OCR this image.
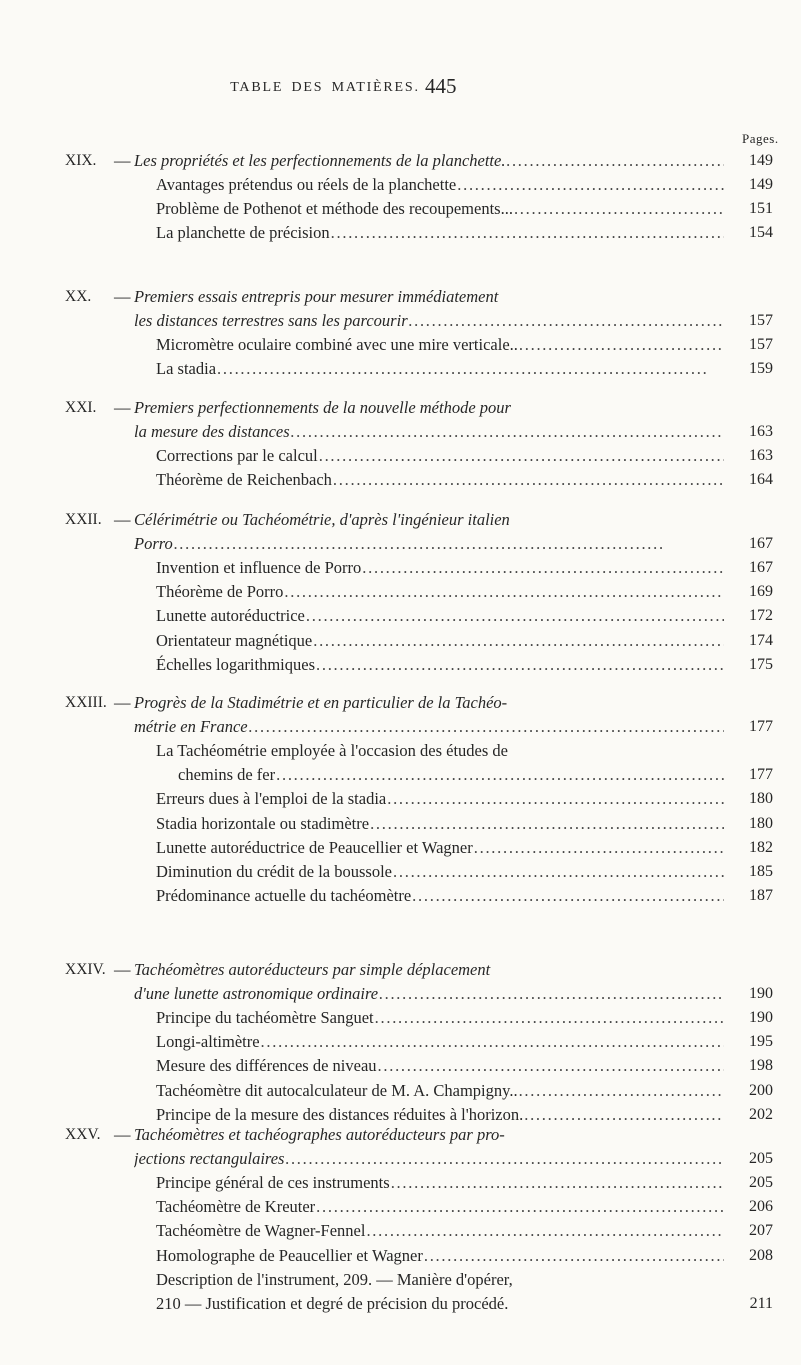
TABLE DES MATIÈRES. 445
Pages.
XIX.	— Les propriétés et les perfectionnements de la planchette. . . .	149
Avantages prétendus ou réels de la planchette . . .	149
Problème de Pothenot et méthode des recoupements... . . .	151
La planchette de précision . . .	154
XX.	— Premiers essais entrepris pour mesurer immédiatement
les distances terrestres sans les parcourir . . .	157
Micromètre oculaire combiné avec une mire verticale.. . . .	157
La stadia . . .	159
XXI.	— Premiers perfectionnements de la nouvelle méthode pour
la mesure des distances . . .	163
Corrections par le calcul . . .	163
Théorème de Reichenbach . . .	164
XXII. — Célérimétrie ou Tachéométrie, d'après l'ingénieur italien
Porro . . .	167
Invention et influence de Porro . . .	167
Théorème de Porro . . .	169
Lunette autoréductrice . . .	172
Orientateur magnétique . . .	174
Échelles logarithmiques . . .	175
XXIII. — Progrès de la Stadimétrie et en particulier de la Tachéo-
métrie en France . . .	177
La Tachéométrie employée à l'occasion des études de
chemins de fer . . .	177
Erreurs dues à l'emploi de la stadia . . .	180
Stadia horizontale ou stadimètre . . .	180
Lunette autoréductrice de Peaucellier et Wagner . . .	182
Diminution du crédit de la boussole . . .	185
Prédominance actuelle du tachéomètre . . .	187
XXIV. — Tachéomètres autoréducteurs par simple déplacement
d'une lunette astronomique ordinaire . . .	190
Principe du tachéomètre Sanguet . . .	190
Longi-altimètre . . .	195
Mesure des différences de niveau . . .	198
Tachéomètre dit autocalculateur de M. A. Champigny.. . . .	200
Principe de la mesure des distances réduites à l'horizon. . . .	202
XXV. — Tachéomètres et tachéographes autoréducteurs par pro-
jections rectangulaires . . .	205
Principe général de ces instruments . . .	205
Tachéomètre de Kreuter . . .	206
Tachéomètre de Wagner-Fennel . . .	207
Homolographe de Peaucellier et Wagner . . .	208
Description de l'instrument, 209. — Manière d'opérer,
210 — Justification et degré de précision du procédé.	211
